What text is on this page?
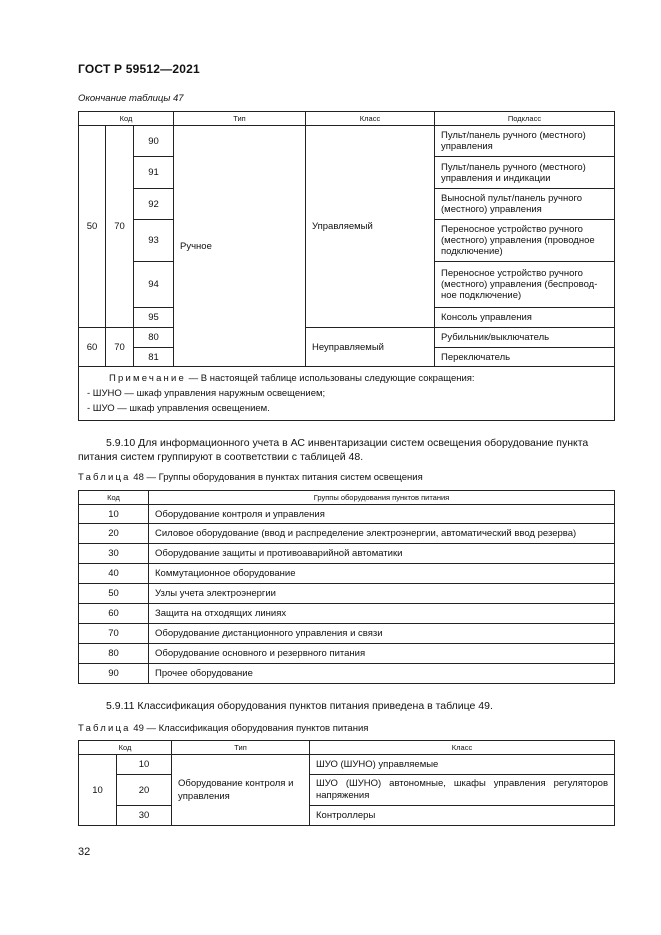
ГОСТ Р 59512—2021
Окончание таблицы 47
Код			Тип	Класс	Подкласс
50	70	90	Ручное	Управляемый	Пульт/панель ручного (местного) управления
		91			Пульт/панель ручного (местного) управления и индикации
		92			Выносной пульт/панель ручного (местного) управления
		93			Переносное устройство ручного (местного) управления (проводное подключение)
		94			Переносное устройство ручного (местного) управления (беспровод-ное подключение)
		95			Консоль управления
60	70	80		Неуправляемый	Рубильник/выключатель
		81			Переключатель

Примечание — В настоящей таблице использованы следующие сокращения:
- ШУНО — шкаф управления наружным освещением;
- ШУО — шкаф управления освещением.					
5.9.10 Для информационного учета в АС инвентаризации систем освещения оборудование пункта питания систем группируют в соответствии с таблицей 48.
Таблица 48 — Группы оборудования в пунктах питания систем освещения
Код	Группы оборудования пунктов питания
10	Оборудование контроля и управления
20	Силовое оборудование (ввод и распределение электроэнергии, автоматический ввод резерва)
30	Оборудование защиты и противоаварийной автоматики
40	Коммутационное оборудование
50	Узлы учета электроэнергии
60	Защита на отходящих линиях
70	Оборудование дистанционного управления и связи
80	Оборудование основного и резервного питания
90	Прочее оборудование
5.9.11 Классификация оборудования пунктов питания приведена в таблице 49.
Таблица 49 — Классификация оборудования пунктов питания
Код		Тип	Класс
10	10	Оборудование контроля и управления	ШУО (ШУНО) управляемые
	20		ШУО (ШУНО) автономные, шкафы управления регуляторов напряжения
	30		Контроллеры
32
